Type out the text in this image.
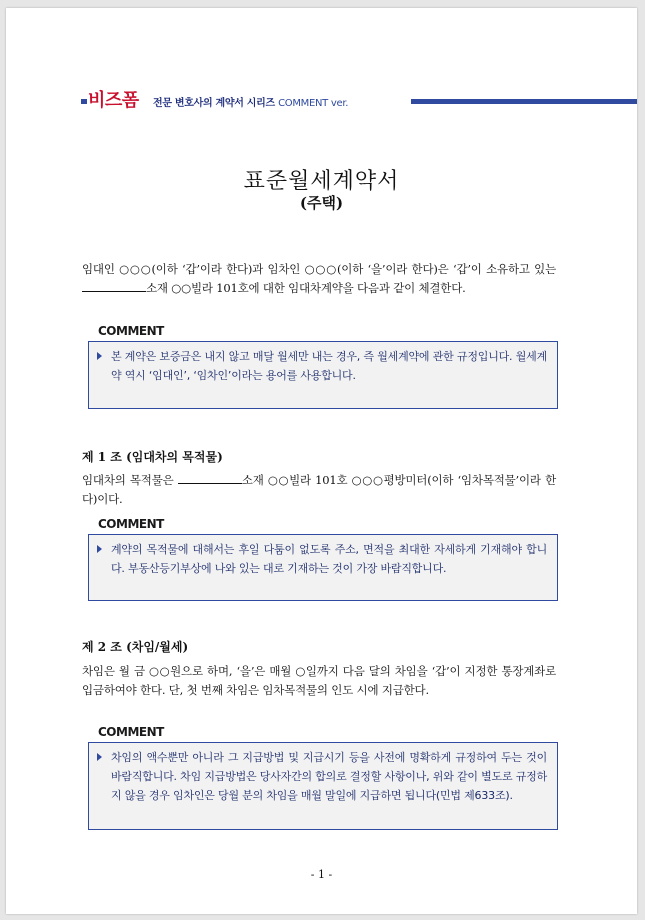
비즈폼 전문 변호사의 계약서 시리즈 COMMENT ver.
표준월세계약서
(주택)
임대인 ○○○(이하 ‘갑’이라 한다)과 임차인 ○○○(이하 ‘을’이라 한다)은 ‘갑’이 소유하고 있는 소재 ○○빌라 101호에 대한 임대차계약을 다음과 같이 체결한다.
COMMENT
본 계약은 보증금은 내지 않고 매달 월세만 내는 경우, 즉 월세계약에 관한 규정입니다. 월세계약 역시 ‘임대인’, ‘임차인’이라는 용어를 사용합니다.
제 1 조 (임대차의 목적물)
임대차의 목적물은	소재 ○○빌라 101호 ○○○평방미터(이하 ‘임차목적물’이라 한다)이다.
COMMENT
계약의 목적물에 대해서는 후일 다툼이 없도록 주소, 면적을 최대한 자세하게 기재해야 합니다. 부동산등기부상에 나와 있는 대로 기재하는 것이 가장 바람직합니다.
제 2 조 (차임/월세)
차임은 월 금 ○○원으로 하며, ‘을’은 매월 ○일까지 다음 달의 차임을 ‘갑’이 지정한 통장계좌로 입금하여야 한다. 단, 첫 번째 차임은 임차목적물의 인도 시에 지급한다.
COMMENT
차임의 액수뿐만 아니라 그 지급방법 및 지급시기 등을 사전에 명확하게 규정하여 두는 것이 바람직합니다. 차임 지급방법은 당사자간의 합의로 결정할 사항이나, 위와 같이 별도로 규정하지 않을 경우 임차인은 당월 분의 차임을 매월 말일에 지급하면 됩니다(민법 제633조).
- 1 -
